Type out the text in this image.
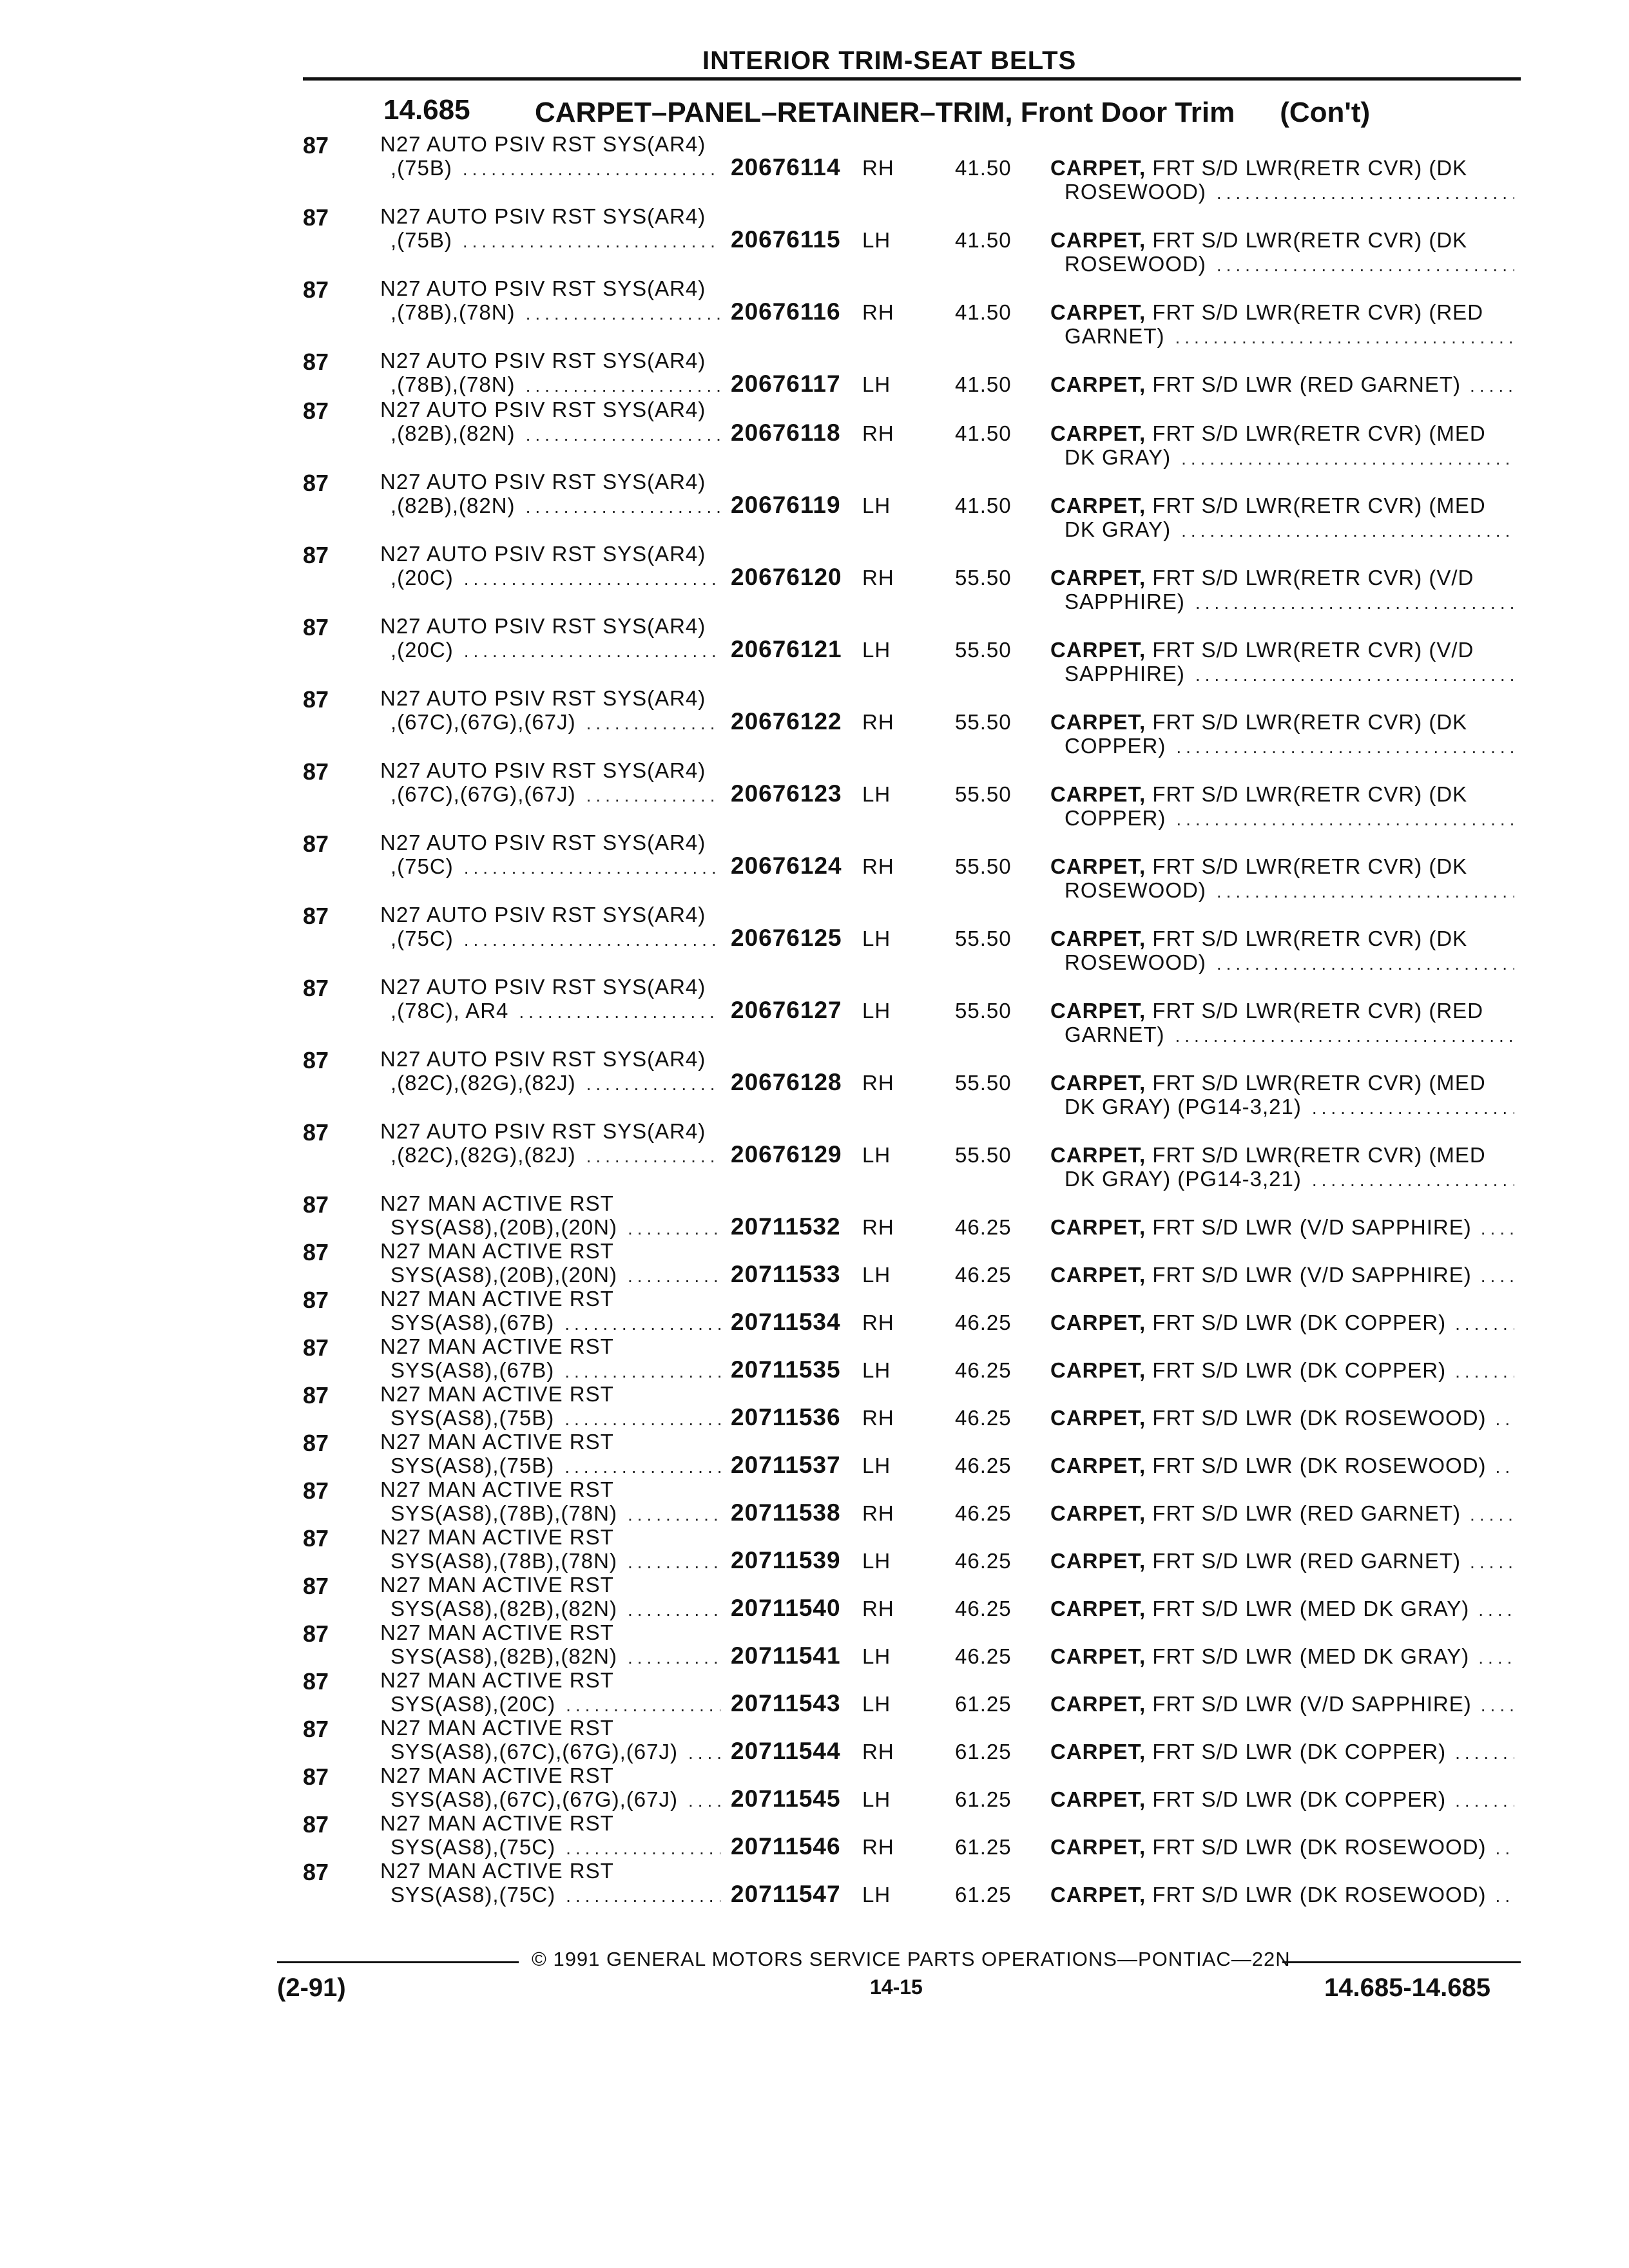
INTERIOR TRIM-SEAT BELTS
14.685 CARPET–PANEL–RETAINER–TRIM, Front Door Trim (Con't)
87 N27 AUTO PSIV RST SYS(AR4)
,(75B) .....	20676114 RH	41.50 CARPET, FRT S/D LWR(RETR CVR) (DK
ROSEWOOD)
.....
87 N27 AUTO PSIV RST SYS(AR4)
,(75B) .....	20676115 LH	41.50 CARPET, FRT S/D LWR(RETR CVR) (DK
ROSEWOOD)
.....
87 N27 AUTO PSIV RST SYS(AR4)
,(78B),(78N) .....	20676116 RH	41.50 CARPET, FRT S/D LWR(RETR CVR) (RED
GARNET)
.....
87 N27 AUTO PSIV RST SYS(AR4)
,(78B),(78N) .....	20676117 LH	41.50 CARPET, FRT S/D LWR (RED GARNET)
.....
87 N27 AUTO PSIV RST SYS(AR4)
,(82B),(82N) .....	20676118 RH	41.50 CARPET, FRT S/D LWR(RETR CVR) (MED
DK GRAY)
.....
87 N27 AUTO PSIV RST SYS(AR4)
,(82B),(82N) .....	20676119 LH	41.50 CARPET, FRT S/D LWR(RETR CVR) (MED
DK GRAY)
.....
87 N27 AUTO PSIV RST SYS(AR4)
,(20C) .....	20676120 RH	55.50 CARPET, FRT S/D LWR(RETR CVR) (V/D
SAPPHIRE)
.....
87 N27 AUTO PSIV RST SYS(AR4)
,(20C) .....	20676121 LH	55.50 CARPET, FRT S/D LWR(RETR CVR) (V/D
SAPPHIRE)
.....
87 N27 AUTO PSIV RST SYS(AR4)
,(67C),(67G),(67J) .....	20676122 RH	55.50 CARPET, FRT S/D LWR(RETR CVR) (DK
COPPER)
.....
87 N27 AUTO PSIV RST SYS(AR4)
,(67C),(67G),(67J) .....	20676123 LH	55.50 CARPET, FRT S/D LWR(RETR CVR) (DK
COPPER)
.....
87 N27 AUTO PSIV RST SYS(AR4)
,(75C) .....	20676124 RH	55.50 CARPET, FRT S/D LWR(RETR CVR) (DK
ROSEWOOD)
.....
87 N27 AUTO PSIV RST SYS(AR4)
,(75C) .....	20676125 LH	55.50 CARPET, FRT S/D LWR(RETR CVR) (DK
ROSEWOOD)
.....
87 N27 AUTO PSIV RST SYS(AR4)
,(78C), AR4 .....	20676127 LH	55.50 CARPET, FRT S/D LWR(RETR CVR) (RED
GARNET)
.....
87 N27 AUTO PSIV RST SYS(AR4)
,(82C),(82G),(82J) .....	20676128 RH	55.50 CARPET, FRT S/D LWR(RETR CVR) (MED
DK GRAY) (PG14-3,21)
.....
87 N27 AUTO PSIV RST SYS(AR4)
,(82C),(82G),(82J) .....	20676129 LH	55.50 CARPET, FRT S/D LWR(RETR CVR) (MED
DK GRAY) (PG14-3,21)
.....
87 N27 MAN ACTIVE RST
SYS(AS8),(20B),(20N) .....	20711532 RH	46.25 CARPET, FRT S/D LWR (V/D SAPPHIRE)
.....
87 N27 MAN ACTIVE RST
SYS(AS8),(20B),(20N) .....	20711533 LH	46.25 CARPET, FRT S/D LWR (V/D SAPPHIRE)
.....
87 N27 MAN ACTIVE RST
SYS(AS8),(67B) .....	20711534 RH	46.25 CARPET, FRT S/D LWR (DK COPPER)
.....
87 N27 MAN ACTIVE RST
SYS(AS8),(67B) .....	20711535 LH	46.25 CARPET, FRT S/D LWR (DK COPPER)
.....
87 N27 MAN ACTIVE RST
SYS(AS8),(75B) .....	20711536 RH	46.25 CARPET, FRT S/D LWR (DK ROSEWOOD)
.....
87 N27 MAN ACTIVE RST
SYS(AS8),(75B) .....	20711537 LH	46.25 CARPET, FRT S/D LWR (DK ROSEWOOD)
.....
87 N27 MAN ACTIVE RST
SYS(AS8),(78B),(78N) .....	20711538 RH	46.25 CARPET, FRT S/D LWR (RED GARNET)
.....
87 N27 MAN ACTIVE RST
SYS(AS8),(78B),(78N) .....	20711539 LH	46.25 CARPET, FRT S/D LWR (RED GARNET)
.....
87 N27 MAN ACTIVE RST
SYS(AS8),(82B),(82N) .....	20711540 RH	46.25 CARPET, FRT S/D LWR (MED DK GRAY)
.....
87 N27 MAN ACTIVE RST
SYS(AS8),(82B),(82N) .....	20711541 LH	46.25 CARPET, FRT S/D LWR (MED DK GRAY)
.....
87 N27 MAN ACTIVE RST
SYS(AS8),(20C) .....	20711543 LH	61.25 CARPET, FRT S/D LWR (V/D SAPPHIRE)
.....
87 N27 MAN ACTIVE RST
SYS(AS8),(67C),(67G),(67J) ..... 20711544 RH	61.25 CARPET, FRT S/D LWR (DK COPPER)
.....
87 N27 MAN ACTIVE RST
SYS(AS8),(67C),(67G),(67J) ..... 20711545 LH	61.25 CARPET, FRT S/D LWR (DK COPPER)
.....
87 N27 MAN ACTIVE RST
SYS(AS8),(75C) .....	20711546 RH	61.25 CARPET, FRT S/D LWR (DK ROSEWOOD)
.....
87 N27 MAN ACTIVE RST
SYS(AS8),(75C) .....	20711547 LH	61.25 CARPET, FRT S/D LWR (DK ROSEWOOD)
.....
© 1991 GENERAL MOTORS SERVICE PARTS OPERATIONS—PONTIAC—22N
(2-91)	14-15	14.685-14.685
